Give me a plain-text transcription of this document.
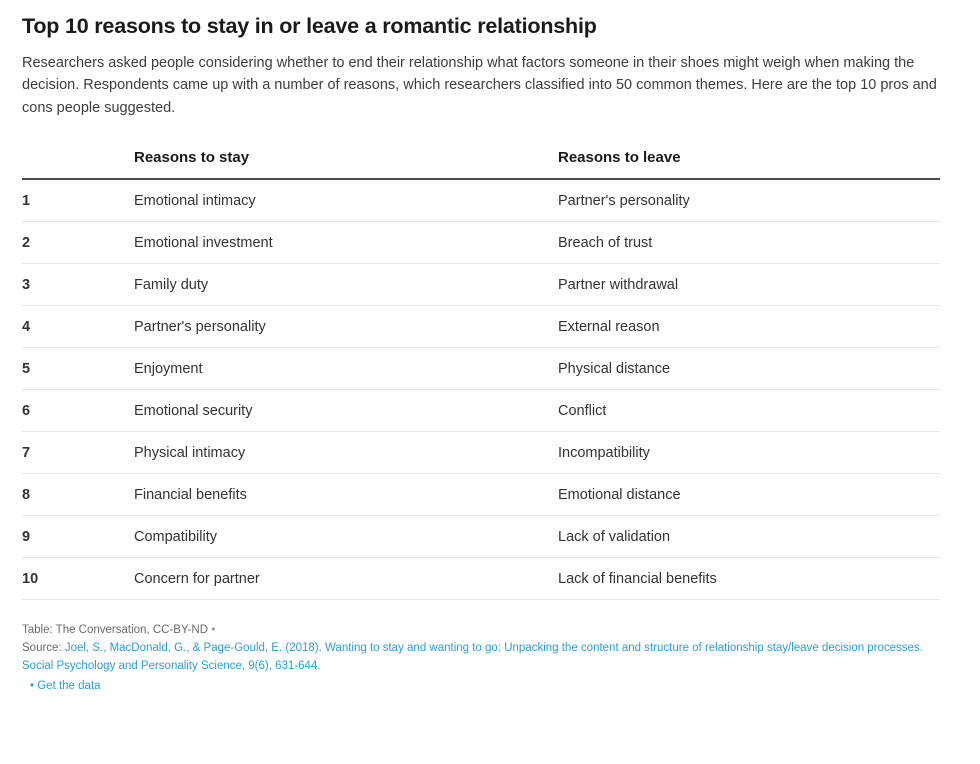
Top 10 reasons to stay in or leave a romantic relationship

Researchers asked people considering whether to end their relationship what factors someone in their shoes might weigh when making the decision. Respondents came up with a number of reasons, which researchers classified into 50 common themes. Here are the top 10 pros and cons people suggested.

	Reasons to stay	Reasons to leave
1	Emotional intimacy	Partner's personality
2	Emotional investment	Breach of trust
3	Family duty	Partner withdrawal
4	Partner's personality	External reason
5	Enjoyment	Physical distance
6	Emotional security	Conflict
7	Physical intimacy	Incompatibility
8	Financial benefits	Emotional distance
9	Compatibility	Lack of validation
10	Concern for partner	Lack of financial benefits
Table: The Conversation, CC-BY-ND •
Source: Joel, S., MacDonald, G., & Page-Gould, E. (2018). Wanting to stay and wanting to go: Unpacking the content and structure of relationship stay/leave decision processes. Social Psychology and Personality Science, 9(6), 631-644.
• Get the data
